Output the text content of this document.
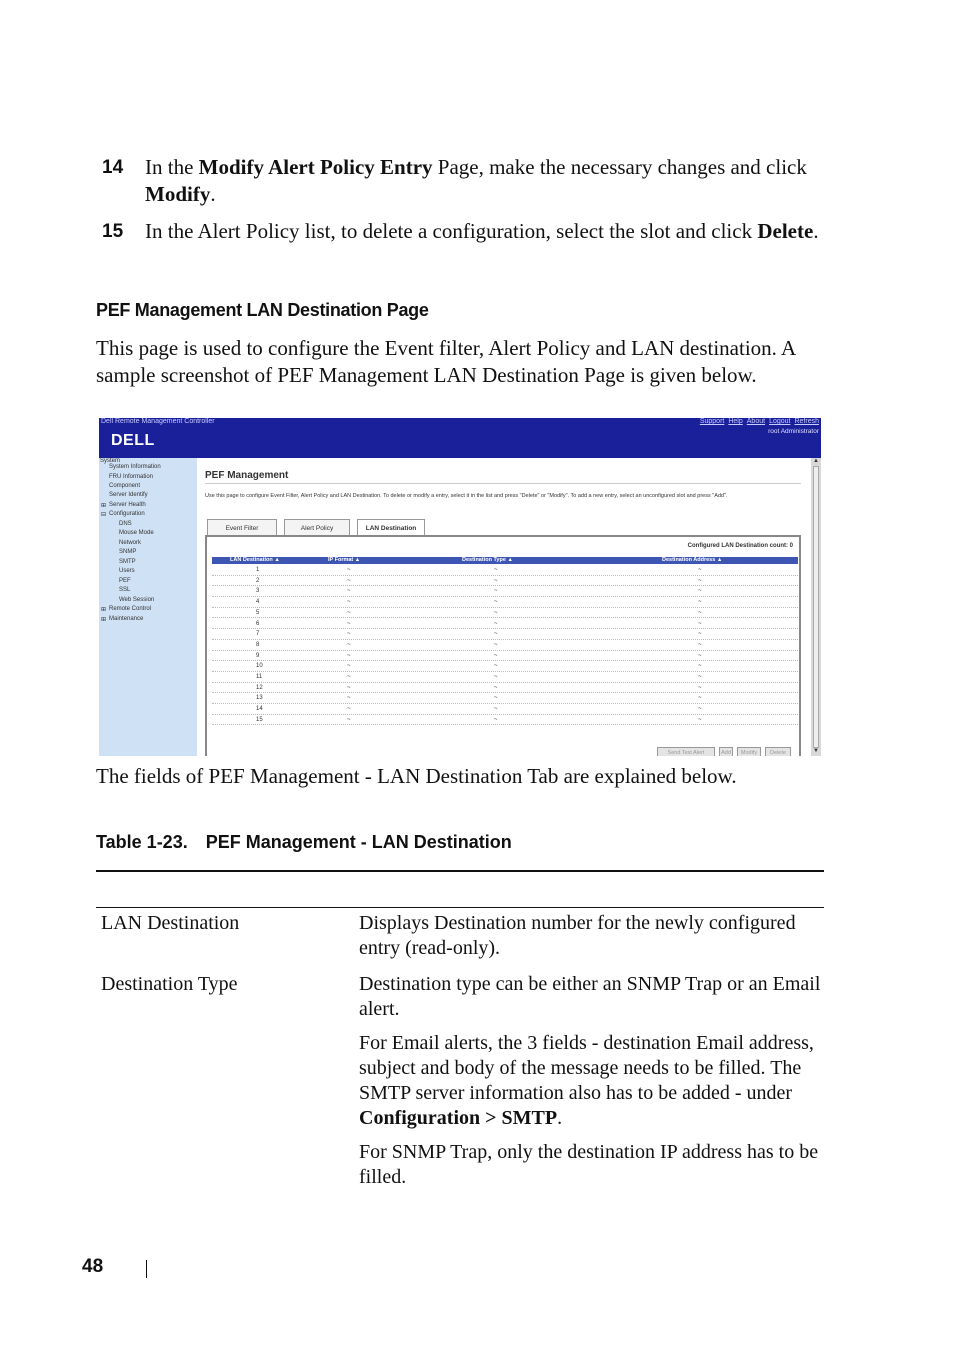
14 In the Modify Alert Policy Entry Page, make the necessary changes and click Modify.
15 In the Alert Policy list, to delete a configuration, select the slot and click Delete.
PEF Management LAN Destination Page
This page is used to configure the Event filter, Alert Policy and LAN destination. A sample screenshot of PEF Management LAN Destination Page is given below.
Dell Remote Management Controller	Support Help About Logout Refresh
DELL
root Administrator
System
System Information
FRU Information
Component
Server Identify
⊞ Server Health
⊟ Configuration
DNS
Mouse Mode
Network
SNMP
SMTP
Users
PEF
SSL
Web Session
⊞ Remote Control
⊞ Maintenance
PEF Management
Use this page to configure Event Filter, Alert Policy and LAN Destination. To delete or modify a entry, select it in the list and press "Delete" or "Modify". To add a new entry, select an unconfigured slot and press "Add".
Event Filter	Alert Policy	LAN Destination
Configured LAN Destination count: 0
LAN Destination ▲	IP Format ▲	Destination Type ▲	Destination Address ▲
1	~	~	~
2	~	~	~
3	~	~	~
4	~	~	~
5	~	~	~
6	~	~	~
7	~	~	~
8	~	~	~
9	~	~	~
10	~	~	~
11	~	~	~
12	~	~	~
13	~	~	~
14	~	~	~
15	~	~	~
Send Test Alert	Add	Modify	Delete
▲
▼
The fields of PEF Management - LAN Destination Tab are explained below.
Table 1-23. PEF Management - LAN Destination
LAN Destination	Displays Destination number for the newly configured entry (read-only).
Destination Type	Destination type can be either an SNMP Trap or an Email alert.
For Email alerts, the 3 fields - destination Email address, subject and body of the message needs to be filled. The SMTP server information also has to be added - under Configuration > SMTP.
For SNMP Trap, only the destination IP address has to be filled.
48
